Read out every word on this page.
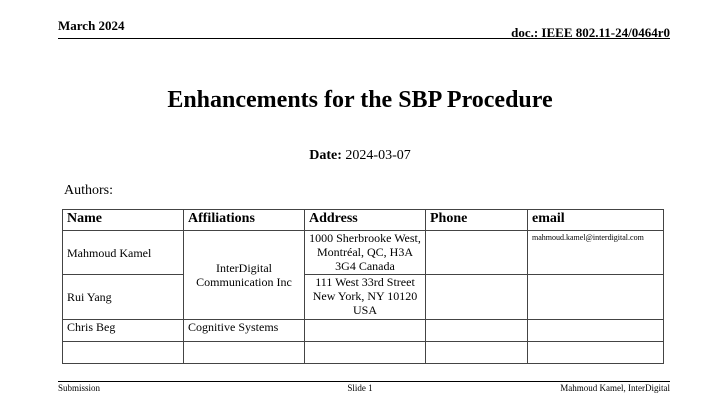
March 2024	doc.: IEEE 802.11-24/0464r0
Enhancements for the SBP Procedure
Date: 2024-03-07
Authors:
Name	Affiliations	Address	Phone	email
Mahmoud Kamel	InterDigital Communication Inc	1000 Sherbrooke West, Montréal, QC, H3A 3G4 Canada		mahmoud.kamel@interdigital.com
Rui Yang		111 West 33rd Street New York, NY 10120 USA		
Chris Beg	Cognitive Systems			

Submission	Slide 1	Mahmoud Kamel, InterDigital
